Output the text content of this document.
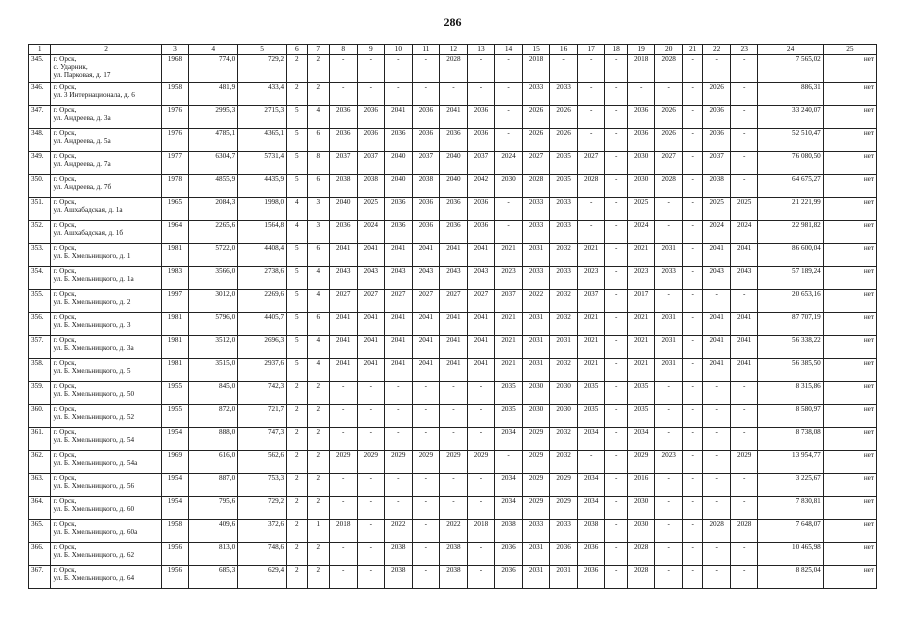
286
1	2	3	4	5	6	7	8	9	10	11	12	13	14	15	16	17	18	19	20	21	22	23	24	25
345.	г. Орск,
с. Ударник,
ул. Парковая, д. 17	1968	774,0	729,2	2	2	-	-	-	-	2028	-	-	2018	-	-	-	2018	2028	-	-	-	7 565,02	нет
346.	г. Орск,
ул. 3 Интернационала, д. 6	1958	481,9	433,4	2	2	-	-	-	-	-	-	-	2033	2033	-	-	-	-	-	2026	-	886,31	нет
347.	г. Орск,
ул. Андреева, д. 3а	1976	2995,3	2715,3	5	4	2036	2036	2041	2036	2041	2036	-	2026	2026	-	-	2036	2026	-	2036	-	33 240,07	нет
348.	г. Орск,
ул. Андреева, д. 5а	1976	4785,1	4365,1	5	6	2036	2036	2036	2036	2036	2036	-	2026	2026	-	-	2036	2026	-	2036	-	52 510,47	нет
349.	г. Орск,
ул. Андреева, д. 7а	1977	6304,7	5731,4	5	8	2037	2037	2040	2037	2040	2037	2024	2027	2035	2027	-	2030	2027	-	2037	-	76 080,50	нет
350.	г. Орск,
ул. Андреева, д. 7б	1978	4855,9	4435,9	5	6	2038	2038	2040	2038	2040	2042	2030	2028	2035	2028	-	2030	2028	-	2038	-	64 675,27	нет
351.	г. Орск,
ул. Ашхабадская, д. 1а	1965	2084,3	1998,0	4	3	2040	2025	2036	2036	2036	2036	-	2033	2033	-	-	2025	-	-	2025	2025	21 221,99	нет
352.	г. Орск,
ул. Ашхабадская, д. 1б	1964	2265,6	1564,8	4	3	2036	2024	2036	2036	2036	2036	-	2033	2033	-	-	2024	-	-	2024	2024	22 981,82	нет
353.	г. Орск,
ул. Б. Хмельницкого, д. 1	1981	5722,0	4408,4	5	6	2041	2041	2041	2041	2041	2041	2021	2031	2032	2021	-	2021	2031	-	2041	2041	86 600,04	нет
354.	г. Орск,
ул. Б. Хмельницкого, д. 1а	1983	3566,0	2738,6	5	4	2043	2043	2043	2043	2043	2043	2023	2033	2033	2023	-	2023	2033	-	2043	2043	57 189,24	нет
355.	г. Орск,
ул. Б. Хмельницкого, д. 2	1997	3012,0	2269,6	5	4	2027	2027	2027	2027	2027	2027	2037	2022	2032	2037	-	2017	-	-	-	-	20 653,16	нет
356.	г. Орск,
ул. Б. Хмельницкого, д. 3	1981	5796,0	4405,7	5	6	2041	2041	2041	2041	2041	2041	2021	2031	2032	2021	-	2021	2031	-	2041	2041	87 707,19	нет
357.	г. Орск,
ул. Б. Хмельницкого, д. 3а	1981	3512,0	2696,3	5	4	2041	2041	2041	2041	2041	2041	2021	2031	2031	2021	-	2021	2031	-	2041	2041	56 338,22	нет
358.	г. Орск,
ул. Б. Хмельницкого, д. 5	1981	3515,0	2937,6	5	4	2041	2041	2041	2041	2041	2041	2021	2031	2032	2021	-	2021	2031	-	2041	2041	56 385,50	нет
359.	г. Орск,
ул. Б. Хмельницкого, д. 50	1955	845,0	742,3	2	2	-	-	-	-	-	-	2035	2030	2030	2035	-	2035	-	-	-	-	8 315,86	нет
360.	г. Орск,
ул. Б. Хмельницкого, д. 52	1955	872,0	721,7	2	2	-	-	-	-	-	-	2035	2030	2030	2035	-	2035	-	-	-	-	8 580,97	нет
361.	г. Орск,
ул. Б. Хмельницкого, д. 54	1954	888,0	747,3	2	2	-	-	-	-	-	-	2034	2029	2032	2034	-	2034	-	-	-	-	8 738,08	нет
362.	г. Орск,
ул. Б. Хмельницкого, д. 54а	1969	616,0	562,6	2	2	2029	2029	2029	2029	2029	2029	-	2029	2032	-	-	2029	2023	-	-	2029	13 954,77	нет
363.	г. Орск,
ул. Б. Хмельницкого, д. 56	1954	887,0	753,3	2	2	-	-	-	-	-	-	2034	2029	2029	2034	-	2016	-	-	-	-	3 225,67	нет
364.	г. Орск,
ул. Б. Хмельницкого, д. 60	1954	795,6	729,2	2	2	-	-	-	-	-	-	2034	2029	2029	2034	-	2030	-	-	-	-	7 830,81	нет
365.	г. Орск,
ул. Б. Хмельницкого, д. 60а	1958	409,6	372,6	2	1	2018	-	2022	-	2022	2018	2038	2033	2033	2038	-	2030	-	-	2028	2028	7 648,07	нет
366.	г. Орск,
ул. Б. Хмельницкого, д. 62	1956	813,0	748,6	2	2	-	-	2038	-	2038	-	2036	2031	2036	2036	-	2028	-	-	-	-	10 465,98	нет
367.	г. Орск,
ул. Б. Хмельницкого, д. 64	1956	685,3	629,4	2	2	-	-	2038	-	2038	-	2036	2031	2031	2036	-	2028	-	-	-	-	8 825,04	нет
